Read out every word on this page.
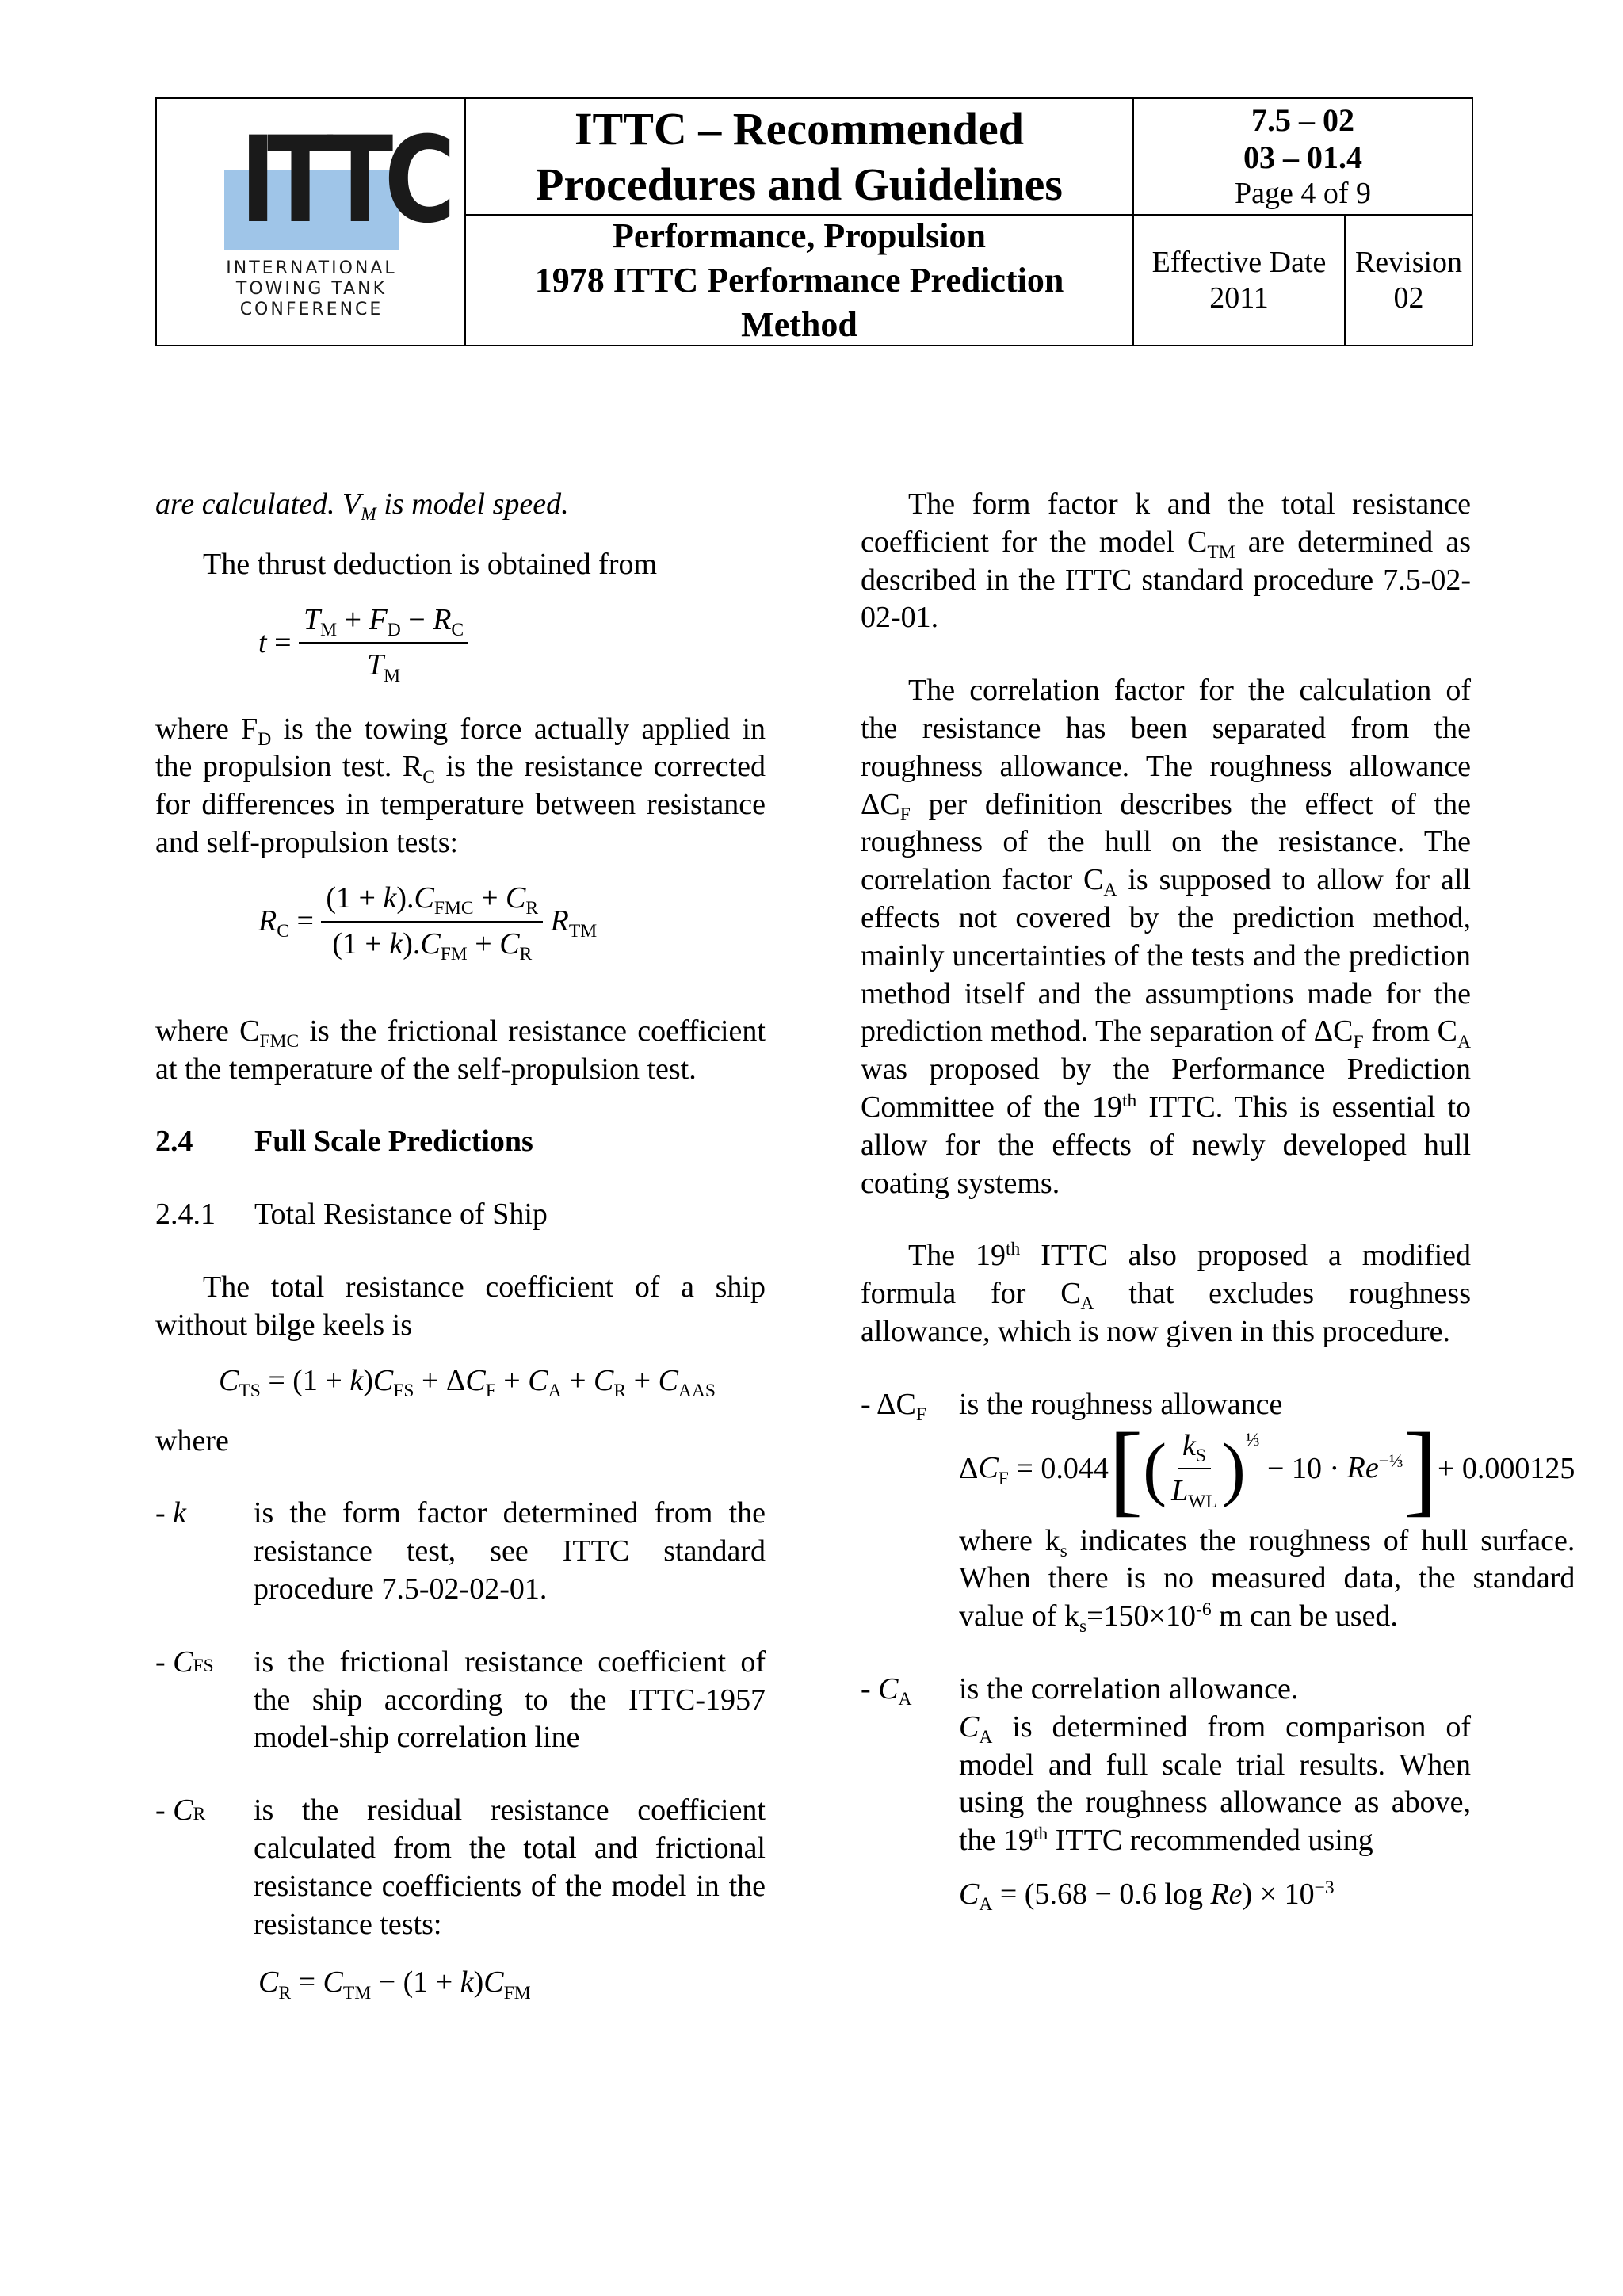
ITTC
INTERNATIONAL
TOWING TANK
CONFERENCE
ITTC – Recommended
Procedures and Guidelines
7.5 – 02
03 – 01.4
Page 4 of 9
Performance, Propulsion
1978 ITTC Performance Prediction
Method
Effective Date
2011
Revision
02

are calculated. $V_M$ is model speed.

The thrust deduction is obtained from

$t = \frac{T_M + F_D - R_C}{T_M}$

where $F_D$ is the towing force actually applied in the propulsion test. $R_C$ is the resistance corrected for differences in temperature between resistance and self-propulsion tests:

$R_C = \frac{(1 + k).C_{FMC} + C_R}{(1 + k).C_{FM} + C_R} R_{TM}$

where $C_{FMC}$ is the frictional resistance coefficient at the temperature of the self-propulsion test.

2.4 Full Scale Predictions

2.4.1 Total Resistance of Ship

The total resistance coefficient of a ship without bilge keels is

$C_{TS} = (1 + k)C_{FS} + \Delta C_F + C_A + C_R + C_{AAS}$

where

- k	is the form factor determined from the resistance test, see ITTC standard procedure 7.5-02-02-01.
- CFS	is the frictional resistance coefficient of the ship according to the ITTC-1957 model-ship correlation line
- CR	is the residual resistance coefficient calculated from the total and frictional resistance coefficients of the model in the resistance tests:
$C_R = C_{TM} - (1 + k)C_{FM}$

The form factor k and the total resistance coefficient for the model $C_{TM}$ are determined as described in the ITTC standard procedure 7.5-02-02-01.

The correlation factor for the calculation of the resistance has been separated from the roughness allowance. The roughness allowance $\Delta C_F$ per definition describes the effect of the roughness of the hull on the resistance. The correlation factor $C_A$ is supposed to allow for all effects not covered by the prediction method, mainly uncertainties of the tests and the prediction method itself and the assumptions made for the prediction method. The separation of $\Delta C_F$ from $C_A$ was proposed by the Performance Prediction Committee of the 19th ITTC. This is essential to allow for the effects of newly developed hull coating systems.

The 19th ITTC also proposed a modified formula for $C_A$ that excludes roughness allowance, which is now given in this procedure.

- $\Delta C_F$	is the roughness allowance
$\Delta C_F = 0.044[( \frac{k_S}{L_{WL}} )^{\frac{1}{3}} - 10 \cdot Re^{-\frac{1}{3}}]+ 0.000125$

where $k_s$ indicates the roughness of hull surface. When there is no measured data, the standard value of $k_s=150\times 10^{-6}$ m can be used.

- $C_A$	is the correlation allowance.

$C_A$ is determined from comparison of model and full scale trial results. When using the roughness allowance as above, the 19th ITTC recommended using

$C_A = (5.68 - 0.6$ $\log Re) \times 10^{-3}$
